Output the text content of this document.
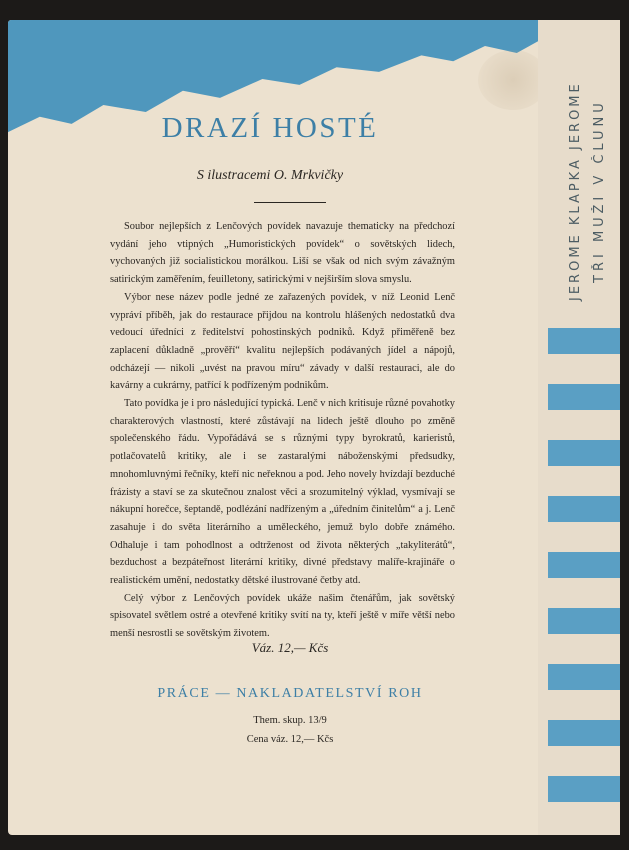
JEROME KLAPKA JEROME TŘI MUŽI V ČLUNU
DRAZÍ HOSTÉ
S ilustracemi O. Mrkvičky

Soubor nejlepších z Lenčových povídek navazuje thematicky na předchozí vydání jeho vtipných „Humoristických povídek“ o sovětských lidech, vychovaných již socialistickou morálkou. Liší se však od nich svým závažným satirickým zaměřením, feuilletony, satirickými v nejširším slova smyslu.

Výbor nese název podle jedné ze zařazených povídek, v níž Leonid Lenč vypráví příběh, jak do restaurace přijdou na kontrolu hlášených nedostatků dva vedoucí úředníci z ředitelství pohostinských podniků. Když přiměřeně bez zaplacení důkladně „prověří“ kvalitu nejlepších podávaných jídel a nápojů, odcházejí — nikoli „uvést na pravou míru“ závady v další restauraci, ale do kavárny a cukrárny, patřící k podřízeným podnikům.

Tato povídka je i pro následující typická. Lenč v nich kritisuje různé povahotky charakterových vlastností, které zůstávají na lidech ještě dlouho po změně společenského řádu. Vypořádává se s různými typy byrokratů, karieristů, potlačovatelů kritiky, ale i se zastaralými náboženskými předsudky, mnohomluvnými řečníky, kteří nic neřeknou a pod. Jeho novely hvízdají bezduché frázisty a staví se za skutečnou znalost věci a srozumitelný výklad, vysmívají se nákupní horečce, šeptandě, podlézání nadřízeným a „úředním činitelům“ a j. Lenč zasahuje i do světa literárního a uměleckého, jemuž bylo dobře známého. Odhaluje i tam pohodlnost a odtrženost od života některých „takyliterátů“, bezduchost a bezpáteřnost literární kritiky, divné představy malíře-krajináře o realistickém umění, nedostatky dětské ilustrované četby atd.

Celý výbor z Lenčových povídek ukáže našim čtenářům, jak sovětský spisovatel světlem ostré a otevřené kritiky svítí na ty, kteří ještě v míře větší nebo menší nesrostli se sovětským životem.

Váz. 12,— Kčs
PRÁCE — NAKLADATELSTVÍ ROH
Them. skup. 13/9
Cena váz. 12,— Kčs
